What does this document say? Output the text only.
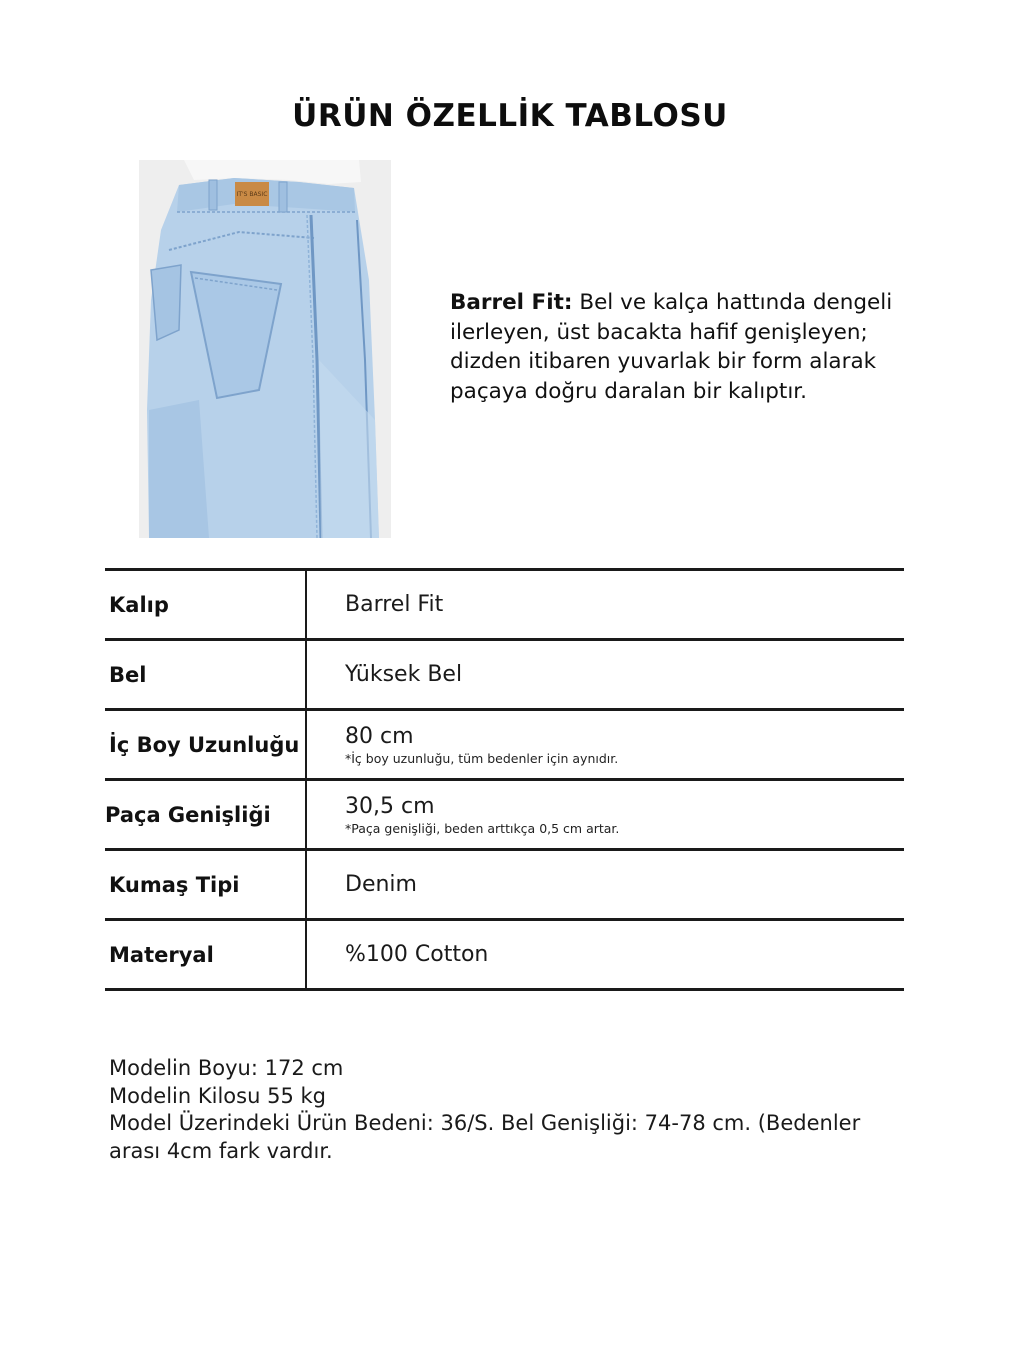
ÜRÜN ÖZELLİK TABLOSU
IT'S BASIC
Barrel Fit: Bel ve kalça hattında dengeli ilerleyen, üst bacakta hafif genişleyen; dizden itibaren yuvarlak bir form alarak paçaya doğru daralan bir kalıptır.
Kalıp	Barrel Fit
Bel	Yüksek Bel
İç Boy Uzunluğu	80 cm
*İç boy uzunluğu, tüm bedenler için aynıdır.
Paça Genişliği	30,5 cm
*Paça genişliği, beden arttıkça 0,5 cm artar.
Kumaş Tipi	Denim
Materyal	%100 Cotton
Modelin Boyu: 172 cm
Modelin Kilosu 55 kg
Model Üzerindeki Ürün Bedeni: 36/S. Bel Genişliği: 74-78 cm. (Bedenler
arası 4cm fark vardır.
